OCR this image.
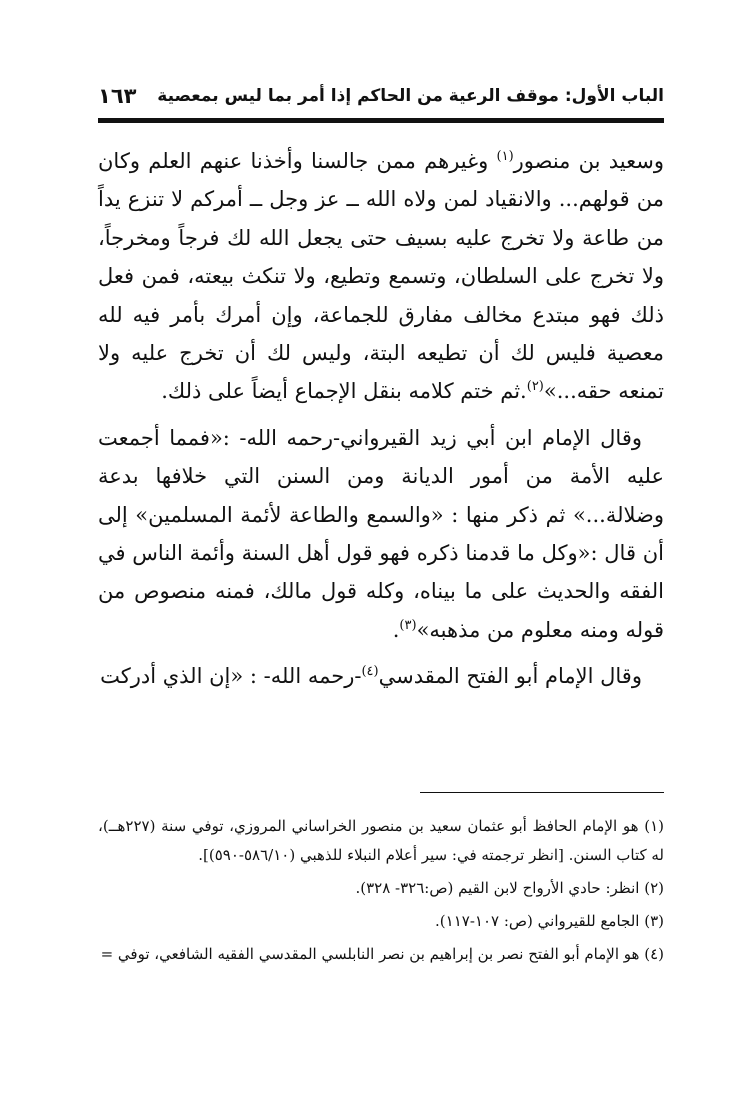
الباب الأول: موقف الرعية من الحاكم إذا أمر بما ليس بمعصية
١٦٣

وسعيد بن منصور$^{(١)}$ وغيرهم ممن جالسنا وأخذنا عنهم العلم وكان من قولهم... والانقياد لمن ولاه الله ــ عز وجل ــ أمركم لا تنزع يداً من طاعة ولا تخرج عليه بسيف حتى يجعل الله لك فرجاً ومخرجاً، ولا تخرج على السلطان، وتسمع وتطيع، ولا تنكث بيعته، فمن فعل ذلك فهو مبتدع مخالف مفارق للجماعة، وإن أمرك بأمر فيه لله معصية فليس لك أن تطيعه البتة، وليس لك أن تخرج عليه ولا تمنعه حقه...»$^{(٢)}$.ثم ختم كلامه بنقل الإجماع أيضاً على ذلك.

وقال الإمام ابن أبي زيد القيرواني-رحمه الله- :«فمما أجمعت عليه الأمة من أمور الديانة ومن السنن التي خلافها بدعة وضلالة...» ثم ذكر منها : «والسمع والطاعة لأئمة المسلمين» إلى أن قال :«وكل ما قدمنا ذكره فهو قول أهل السنة وأئمة الناس في الفقه والحديث على ما بيناه، وكله قول مالك، فمنه منصوص من قوله ومنه معلوم من مذهبه»$^{(٣)}$.

وقال الإمام أبو الفتح المقدسي$^{(٤)}$-رحمه الله- : «إن الذي أدركت

(١) هو الإمام الحافظ أبو عثمان سعيد بن منصور الخراساني المروزي، توفي سنة (٢٢٧هــ)، له كتاب السنن. [انظر ترجمته في: سير أعلام النبلاء للذهبي (٥٨٦/١٠-٥٩٠)].

(٢) انظر: حادي الأرواح لابن القيم (ص:٣٢٦- ٣٢٨).

(٣) الجامع للقيرواني (ص: ١٠٧-١١٧).

(٤) هو الإمام أبو الفتح نصر بن إبراهيم بن نصر النابلسي المقدسي الفقيه الشافعي، توفي =
